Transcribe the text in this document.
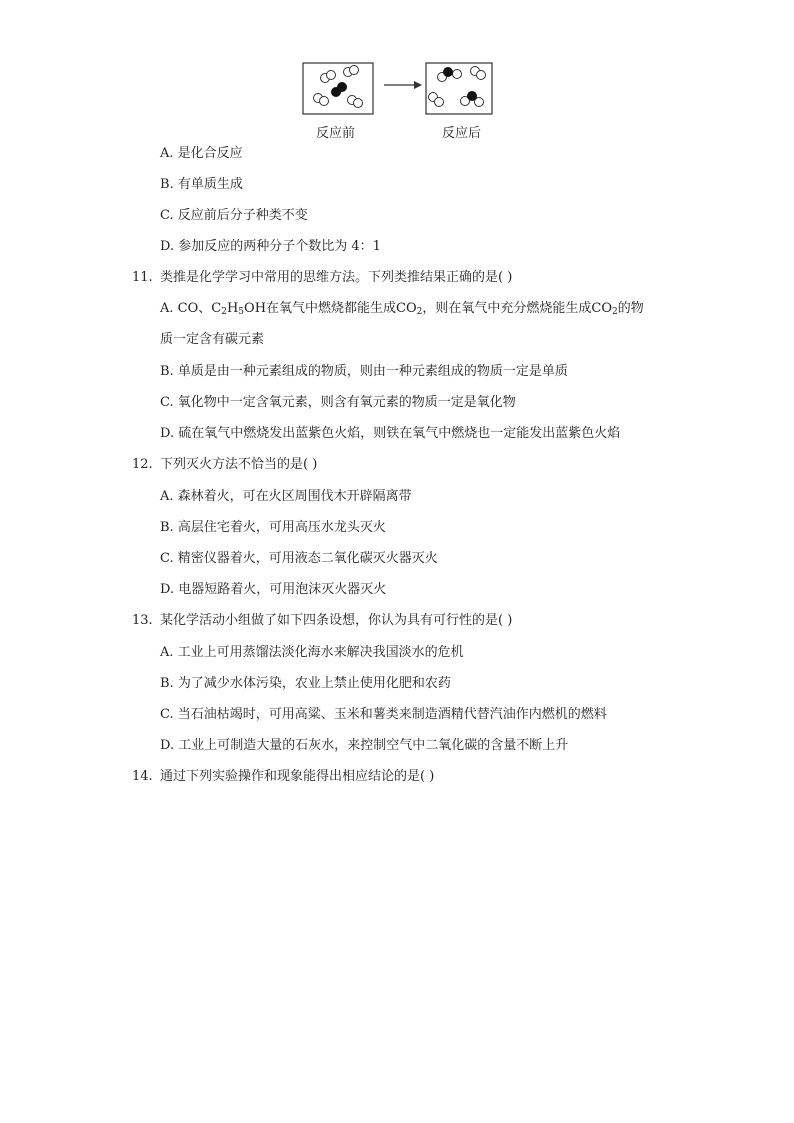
反应前	反应后
A. 是化合反应
B. 有单质生成
C. 反应前后分子种类不变
D. 参加反应的两种分子个数比为 4：1
11. 类推是化学学习中常用的思维方法。下列类推结果正确的是( )
A. CO、$C_2H_5OH$在氧气中燃烧都能生成$CO_2$，则在氧气中充分燃烧能生成$CO_2$的物
质一定含有碳元素
B. 单质是由一种元素组成的物质，则由一种元素组成的物质一定是单质
C. 氧化物中一定含氧元素，则含有氧元素的物质一定是氧化物
D. 硫在氧气中燃烧发出蓝紫色火焰，则铁在氧气中燃烧也一定能发出蓝紫色火焰
12. 下列灭火方法不恰当的是( )
A. 森林着火，可在火区周围伐木开辟隔离带
B. 高层住宅着火，可用高压水龙头灭火
C. 精密仪器着火，可用液态二氧化碳灭火器灭火
D. 电器短路着火，可用泡沫灭火器灭火
13. 某化学活动小组做了如下四条设想，你认为具有可行性的是( )
A. 工业上可用蒸馏法淡化海水来解决我国淡水的危机
B. 为了减少水体污染，农业上禁止使用化肥和农药
C. 当石油枯竭时，可用高粱、玉米和薯类来制造酒精代替汽油作内燃机的燃料
D. 工业上可制造大量的石灰水，来控制空气中二氧化碳的含量不断上升
14. 通过下列实验操作和现象能得出相应结论的是( )
